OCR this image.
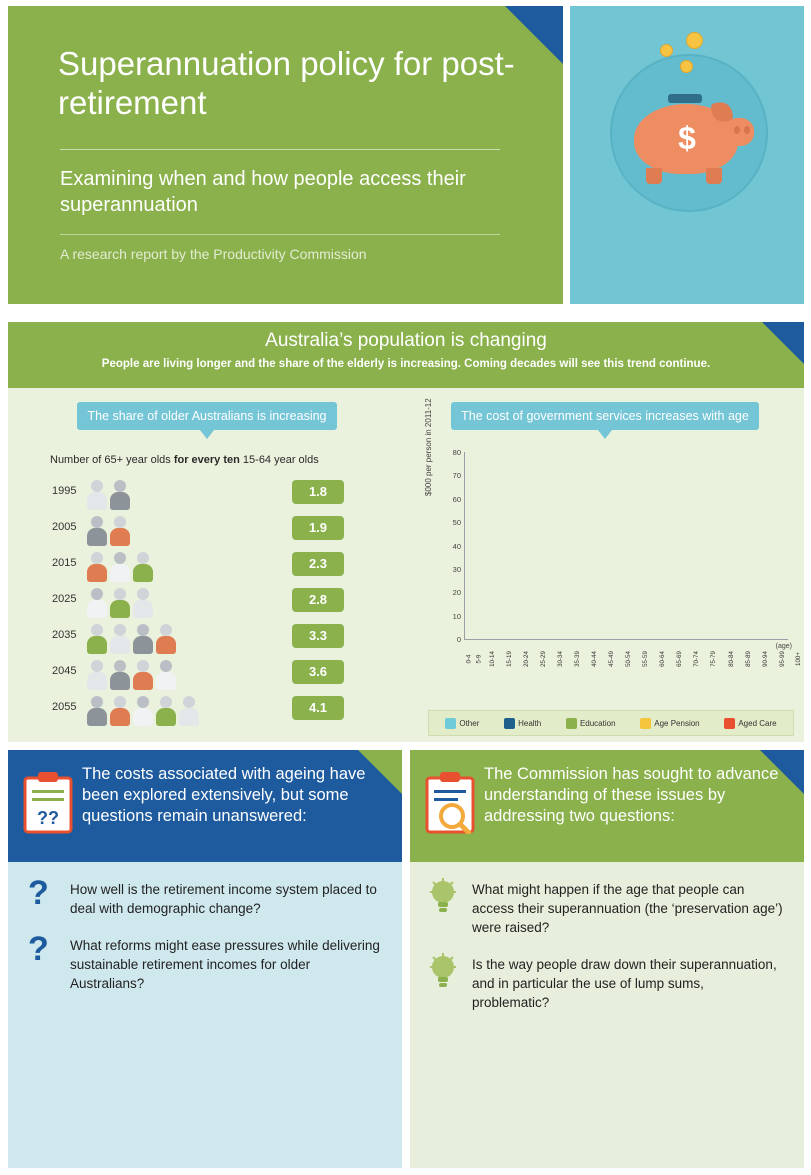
Superannuation policy for post-retirement
Examining when and how people access their superannuation
A research report by the Productivity Commission
$
Australia’s population is changing
People are living longer and the share of the elderly is increasing. Coming decades will see this trend continue.
The share of older Australians is increasing
Number of 65+ year olds for every ten 15-64 year olds
1995	1.8
2005	1.9
2015	2.3
2025	2.8
2035	3.3
2045	3.6
2055	4.1
The cost of government services increases with age
$000 per person in 2011-12
0
10
20
30
40
50
60
70
80
0-4 5-9	10-14	15-19	20-24	25-29	30-34	35-39	40-44	45-49	50-54	55-59	60-64	65-69	70-74	75-79	80-84	85-89	90-94	95-99	100+
(age)
Other	Health	Education	Age Pension	Aged Care
??
The costs associated with ageing have been explored extensively, but some questions remain unanswered:
? How well is the retirement income system placed to deal with demographic change?
? What reforms might ease pressures while delivering sustainable retirement incomes for older Australians?
The Commission has sought to advance understanding of these issues by addressing two questions:
What might happen if the age that people can access their superannuation (the ‘preservation age’) were raised?
Is the way people draw down their superannuation, and in particular the use of lump sums, problematic?
